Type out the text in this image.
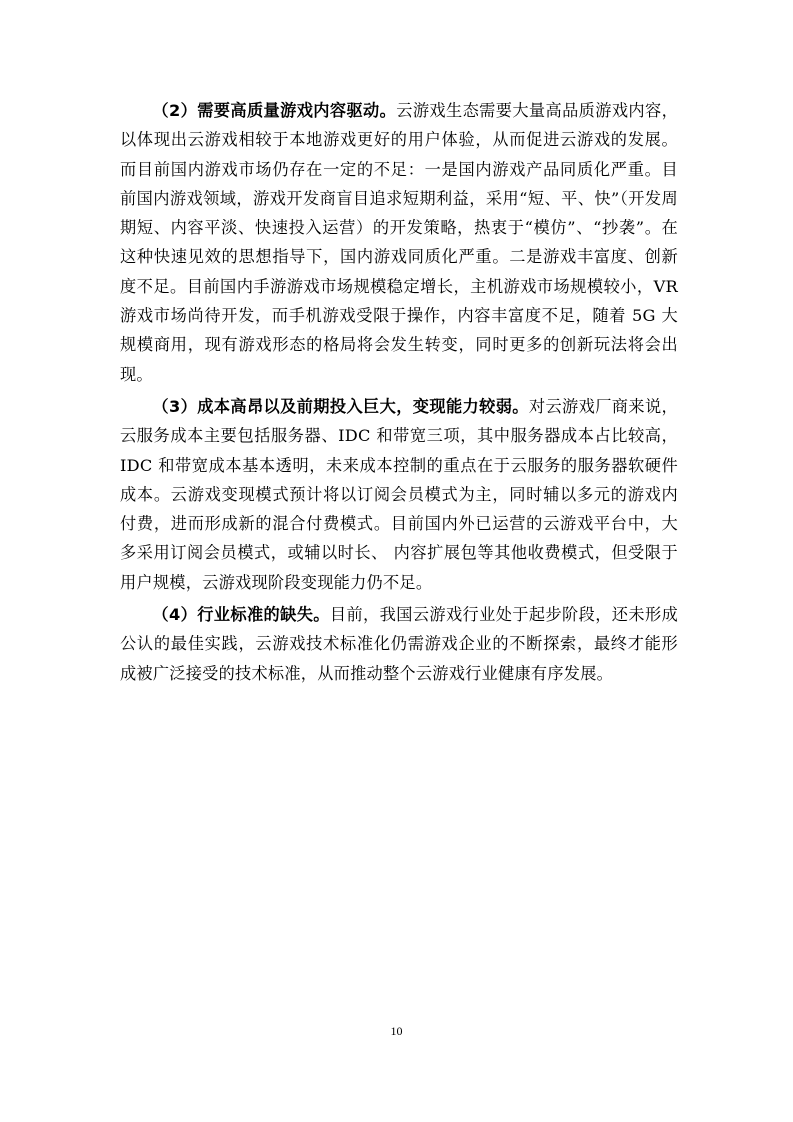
（2）需要高质量游戏内容驱动。云游戏生态需要大量高品质游戏内容，以体现出云游戏相较于本地游戏更好的用户体验，从而促进云游戏的发展。而目前国内游戏市场仍存在一定的不足：一是国内游戏产品同质化严重。目前国内游戏领域，游戏开发商盲目追求短期利益，采用“短、平、快”（开发周期短、内容平淡、快速投入运营）的开发策略，热衷于“模仿”、“抄袭”。在这种快速见效的思想指导下，国内游戏同质化严重。二是游戏丰富度、创新度不足。目前国内手游游戏市场规模稳定增长，主机游戏市场规模较小，VR 游戏市场尚待开发，而手机游戏受限于操作，内容丰富度不足，随着 5G 大规模商用，现有游戏形态的格局将会发生转变，同时更多的创新玩法将会出现。

（3）成本高昂以及前期投入巨大，变现能力较弱。对云游戏厂商来说，云服务成本主要包括服务器、IDC 和带宽三项，其中服务器成本占比较高，IDC 和带宽成本基本透明，未来成本控制的重点在于云服务的服务器软硬件成本。云游戏变现模式预计将以订阅会员模式为主，同时辅以多元的游戏内付费，进而形成新的混合付费模式。目前国内外已运营的云游戏平台中，大多采用订阅会员模式，或辅以时长、 内容扩展包等其他收费模式，但受限于用户规模，云游戏现阶段变现能力仍不足。

（4）行业标准的缺失。目前，我国云游戏行业处于起步阶段，还未形成公认的最佳实践，云游戏技术标准化仍需游戏企业的不断探索，最终才能形成被广泛接受的技术标准，从而推动整个云游戏行业健康有序发展。

10
